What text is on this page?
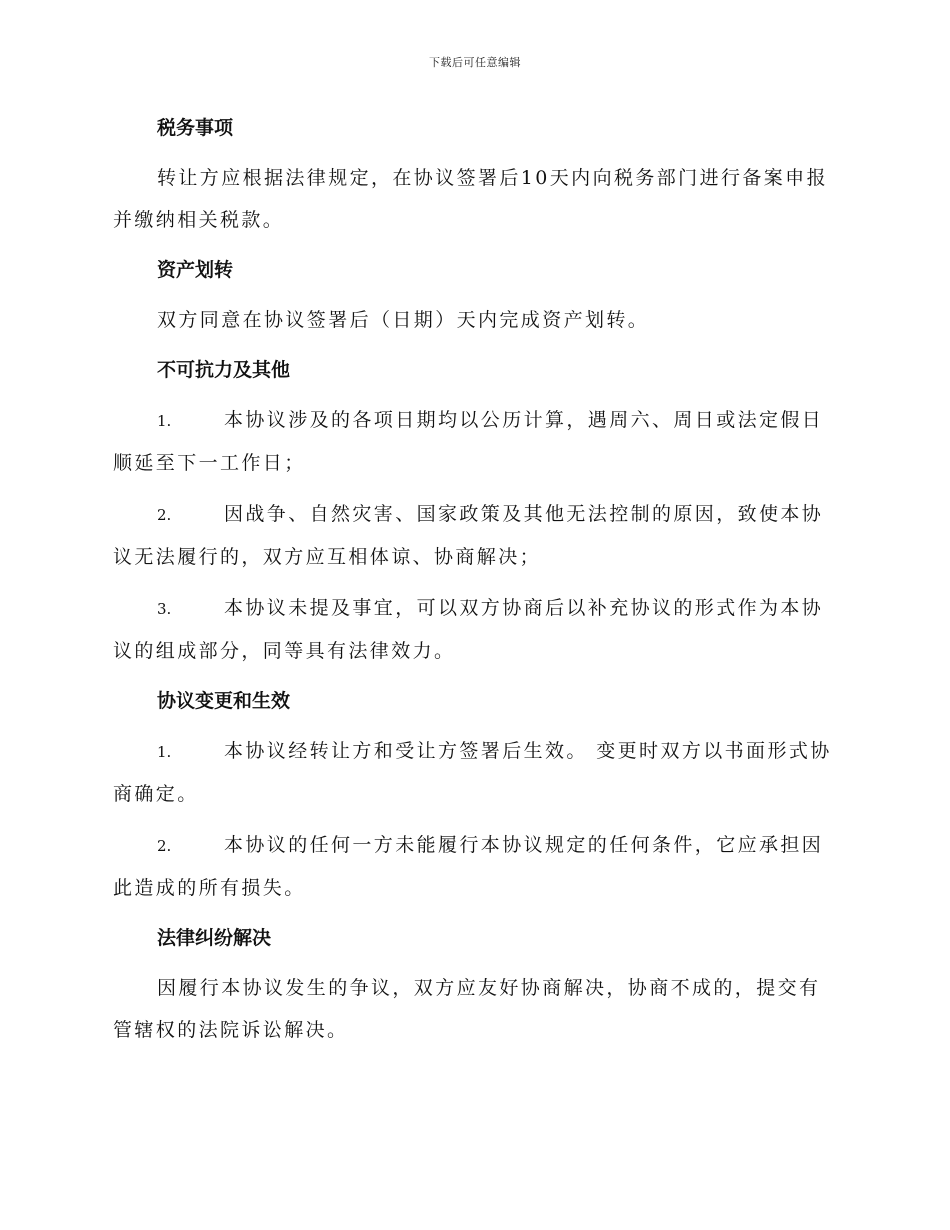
下载后可任意编辑
税务事项
转让方应根据法律规定，在协议签署后10天内向税务部门进行备案申报并缴纳相关税款。
资产划转
双方同意在协议签署后（日期）天内完成资产划转。
不可抗力及其他
1.	本协议涉及的各项日期均以公历计算，遇周六、周日或法定假日顺延至下一工作日；
2.	因战争、自然灾害、国家政策及其他无法控制的原因，致使本协议无法履行的，双方应互相体谅、协商解决；
3.	本协议未提及事宜，可以双方协商后以补充协议的形式作为本协议的组成部分，同等具有法律效力。
协议变更和生效
1.	本协议经转让方和受让方签署后生效。 变更时双方以书面形式协商确定。
2.	本协议的任何一方未能履行本协议规定的任何条件，它应承担因此造成的所有损失。
法律纠纷解决
因履行本协议发生的争议，双方应友好协商解决，协商不成的，提交有管辖权的法院诉讼解决。
